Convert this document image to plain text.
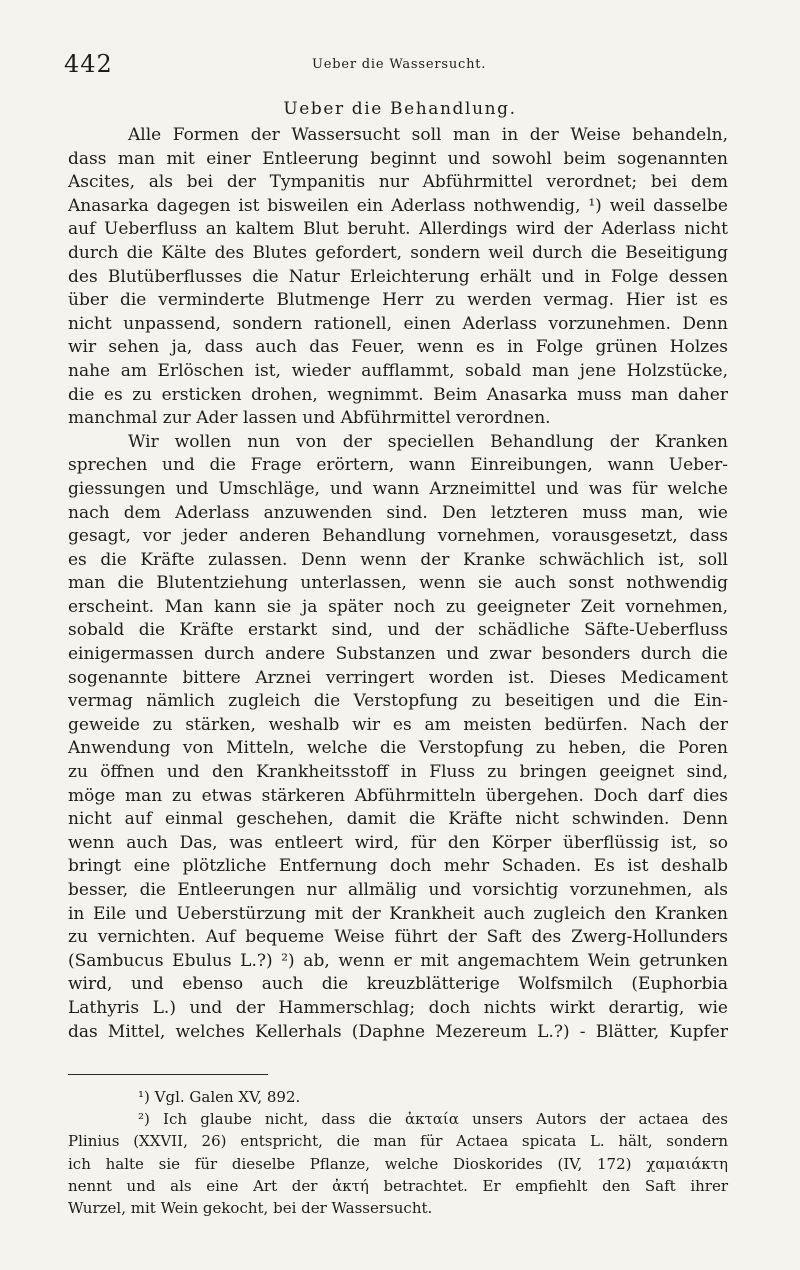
442	Ueber die Wassersucht.
Ueber die Behandlung.
Alle Formen der Wassersucht soll man in der Weise behandeln,
dass man mit einer Entleerung beginnt und sowohl beim sogenannten
Ascites, als bei der Tympanitis nur Abführmittel verordnet; bei dem
Anasarka dagegen ist bisweilen ein Aderlass nothwendig, ¹) weil dasselbe
auf Ueberfluss an kaltem Blut beruht. Allerdings wird der Aderlass nicht
durch die Kälte des Blutes gefordert, sondern weil durch die Beseitigung
des Blutüberflusses die Natur Erleichterung erhält und in Folge dessen
über die verminderte Blutmenge Herr zu werden vermag. Hier ist es
nicht unpassend, sondern rationell, einen Aderlass vorzunehmen. Denn
wir sehen ja, dass auch das Feuer, wenn es in Folge grünen Holzes
nahe am Erlöschen ist, wieder aufflammt, sobald man jene Holzstücke,
die es zu ersticken drohen, wegnimmt. Beim Anasarka muss man daher
manchmal zur Ader lassen und Abführmittel verordnen.
Wir wollen nun von der speciellen Behandlung der Kranken
sprechen und die Frage erörtern, wann Einreibungen, wann Ueber-
giessungen und Umschläge, und wann Arzneimittel und was für welche
nach dem Aderlass anzuwenden sind. Den letzteren muss man, wie
gesagt, vor jeder anderen Behandlung vornehmen, vorausgesetzt, dass
es die Kräfte zulassen. Denn wenn der Kranke schwächlich ist, soll
man die Blutentziehung unterlassen, wenn sie auch sonst nothwendig
erscheint. Man kann sie ja später noch zu geeigneter Zeit vornehmen,
sobald die Kräfte erstarkt sind, und der schädliche Säfte-Ueberfluss
einigermassen durch andere Substanzen und zwar besonders durch die
sogenannte bittere Arznei verringert worden ist. Dieses Medicament
vermag nämlich zugleich die Verstopfung zu beseitigen und die Ein-
geweide zu stärken, weshalb wir es am meisten bedürfen. Nach der
Anwendung von Mitteln, welche die Verstopfung zu heben, die Poren
zu öffnen und den Krankheitsstoff in Fluss zu bringen geeignet sind,
möge man zu etwas stärkeren Abführmitteln übergehen. Doch darf dies
nicht auf einmal geschehen, damit die Kräfte nicht schwinden. Denn
wenn auch Das, was entleert wird, für den Körper überflüssig ist, so
bringt eine plötzliche Entfernung doch mehr Schaden. Es ist deshalb
besser, die Entleerungen nur allmälig und vorsichtig vorzunehmen, als
in Eile und Ueberstürzung mit der Krankheit auch zugleich den Kranken
zu vernichten. Auf bequeme Weise führt der Saft des Zwerg-Hollunders
(Sambucus Ebulus L.?) ²) ab, wenn er mit angemachtem Wein getrunken
wird, und ebenso auch die kreuzblätterige Wolfsmilch (Euphorbia
Lathyris L.) und der Hammerschlag; doch nichts wirkt derartig, wie
das Mittel, welches Kellerhals (Daphne Mezereum L.?) - Blätter, Kupfer
¹) Vgl. Galen XV, 892.
²) Ich glaube nicht, dass die ἀκταία unsers Autors der actaea des
Plinius (XXVII, 26) entspricht, die man für Actaea spicata L. hält, sondern
ich halte sie für dieselbe Pflanze, welche Dioskorides (IV, 172) χαμαιάκτη
nennt und als eine Art der ἀκτή betrachtet. Er empfiehlt den Saft ihrer
Wurzel, mit Wein gekocht, bei der Wassersucht.
